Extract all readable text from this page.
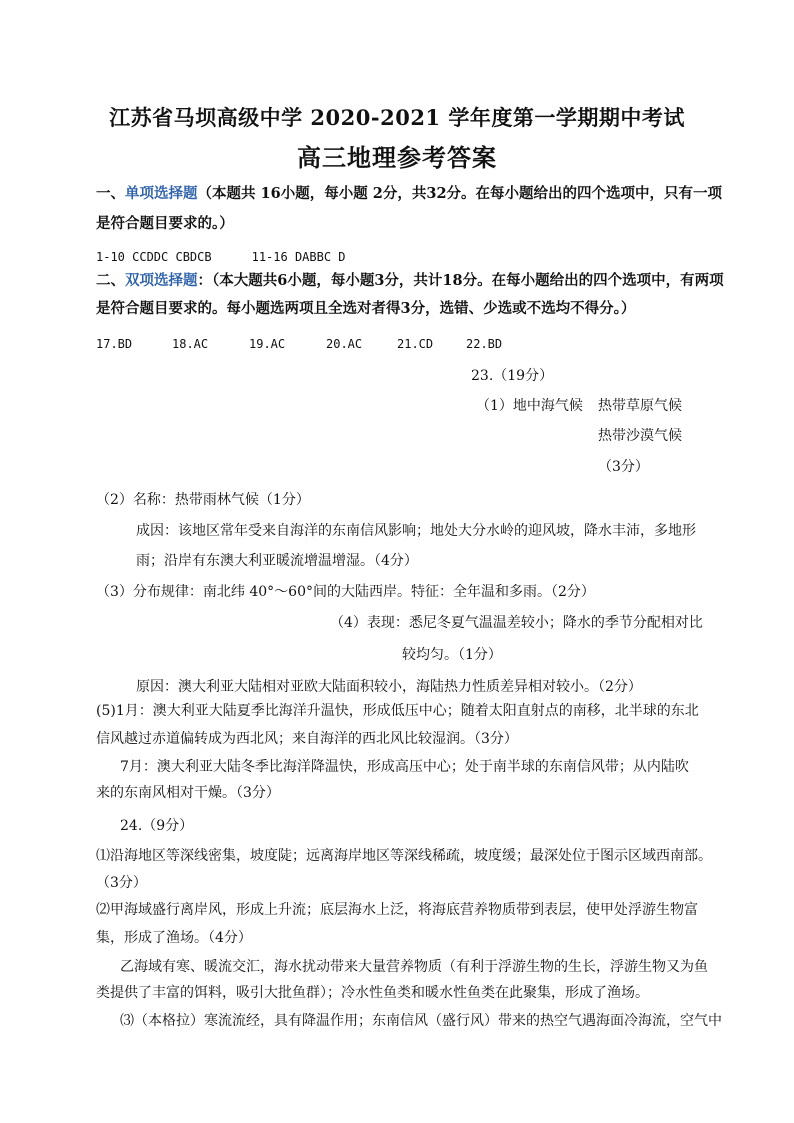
江苏省马坝高级中学 2020-2021 学年度第一学期期中考试
高三地理参考答案
一、单项选择题（本题共 16小题，每小题 2分，共32分。在每小题给出的四个选项中，只有一项
是符合题目要求的。）
1-10 CCDDC CBDCB	11-16 DABBC D
二、双项选择题：（本大题共6小题，每小题3分，共计18分。在每小题给出的四个选项中，有两项
是符合题目要求的。每小题选两项且全选对者得3分，选错、少选或不选均不得分。）
17.BD	18.AC	19.AC	20.AC	21.CD	22.BD
23.（19分）
（1）地中海气候 热带草原气候
热带沙漠气候
（3分）
（2）名称：热带雨林气候（1分）
成因：该地区常年受来自海洋的东南信风影响；地处大分水岭的迎风坡，降水丰沛，多地形
雨；沿岸有东澳大利亚暖流增温增湿。（4分）
（3）分布规律：南北纬 40°～60°间的大陆西岸。特征：全年温和多雨。（2分）
（4）表现：悉尼冬夏气温温差较小；降水的季节分配相对比
较均匀。（1分）
原因：澳大利亚大陆相对亚欧大陆面积较小，海陆热力性质差异相对较小。（2分）
(5)1月：澳大利亚大陆夏季比海洋升温快，形成低压中心；随着太阳直射点的南移，北半球的东北
信风越过赤道偏转成为西北风；来自海洋的西北风比较湿润。（3分）
7月：澳大利亚大陆冬季比海洋降温快，形成高压中心；处于南半球的东南信风带；从内陆吹
来的东南风相对干燥。（3分）
24.（9分）
⑴沿海地区等深线密集，坡度陡；远离海岸地区等深线稀疏，坡度缓；最深处位于图示区域西南部。
（3分）
⑵甲海域盛行离岸风，形成上升流；底层海水上泛，将海底营养物质带到表层，使甲处浮游生物富
集，形成了渔场。（4分）
乙海域有寒、暖流交汇，海水扰动带来大量营养物质（有利于浮游生物的生长，浮游生物又为鱼
类提供了丰富的饵料，吸引大批鱼群）；冷水性鱼类和暖水性鱼类在此聚集，形成了渔场。
⑶（本格拉）寒流流经，具有降温作用；东南信风（盛行风）带来的热空气遇海面冷海流，空气中
